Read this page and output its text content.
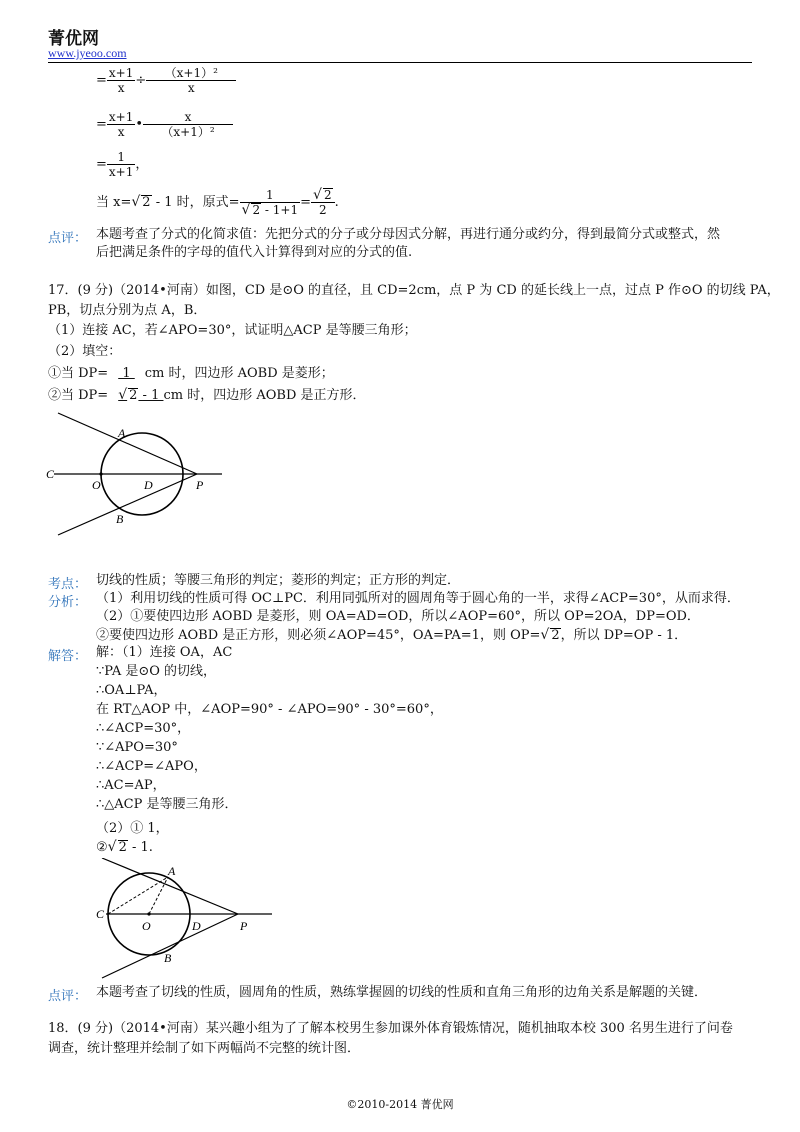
菁优网
www.jyeoo.com
= $\frac{x+1}{x} \div \frac{\text{（x+1）²}}{x}$
= $\frac{x+1}{x}$ • $\frac{x}{\text{（x+1）²}}$
= $\frac{1}{x+1}$ ，
当 x=√ 2 - 1 时，原式= $\frac{1}{√ 2 - 1+1} = \frac{√ 2}{2}$ .
点评： 本题考查了分式的化简求值：先把分式的分子或分母因式分解，再进行通分或约分，得到最简分式或整式，然
后把满足条件的字母的值代入计算得到对应的分式的值.
17．(9 分)（2014•河南）如图，CD 是⊙O 的直径，且 CD=2cm，点 P 为 CD 的延长线上一点，过点 P 作⊙O 的切线 PA，
PB，切点分别为点 A，B．
（1）连接 AC，若∠APO=30°，试证明△ACP 是等腰三角形；
（2）填空：
①当 DP= 1 cm 时，四边形 AOBD 是菱形；
②当 DP= √ 2 - 1 cm 时，四边形 AOBD 是正方形．
C
O	D	P
A
B
考点： 切线的性质；等腰三角形的判定；菱形的判定；正方形的判定．
分析： （1）利用切线的性质可得 OC⊥PC．利用同弧所对的圆周角等于圆心角的一半，求得∠ACP=30°，从而求得．
（2）①要使四边形 AOBD 是菱形，则 OA=AD=OD，所以∠AOP=60°，所以 OP=2OA，DP=OD．
②要使四边形 AOBD 是正方形，则必须∠AOP=45°，OA=PA=1，则 OP=√ 2，所以 DP=OP - 1．
解答： 解：（1）连接 OA，AC
∵PA 是⊙O 的切线，
∴OA⊥PA，
在 RT△AOP 中，∠AOP=90° - ∠APO=90° - 30°=60°，
∴∠ACP=30°，
∵∠APO=30°
∴∠ACP=∠APO，
∴AC=AP，
∴△ACP 是等腰三角形．
（2）① 1，
②√ 2 - 1.
C
O	D	P
A
B
点评： 本题考查了切线的性质，圆周角的性质，熟练掌握圆的切线的性质和直角三角形的边角关系是解题的关键．
18．(9 分)（2014•河南）某兴趣小组为了了解本校男生参加课外体育锻炼情况，随机抽取本校 300 名男生进行了问卷
调查，统计整理并绘制了如下两幅尚不完整的统计图．
©2010-2014 菁优网
